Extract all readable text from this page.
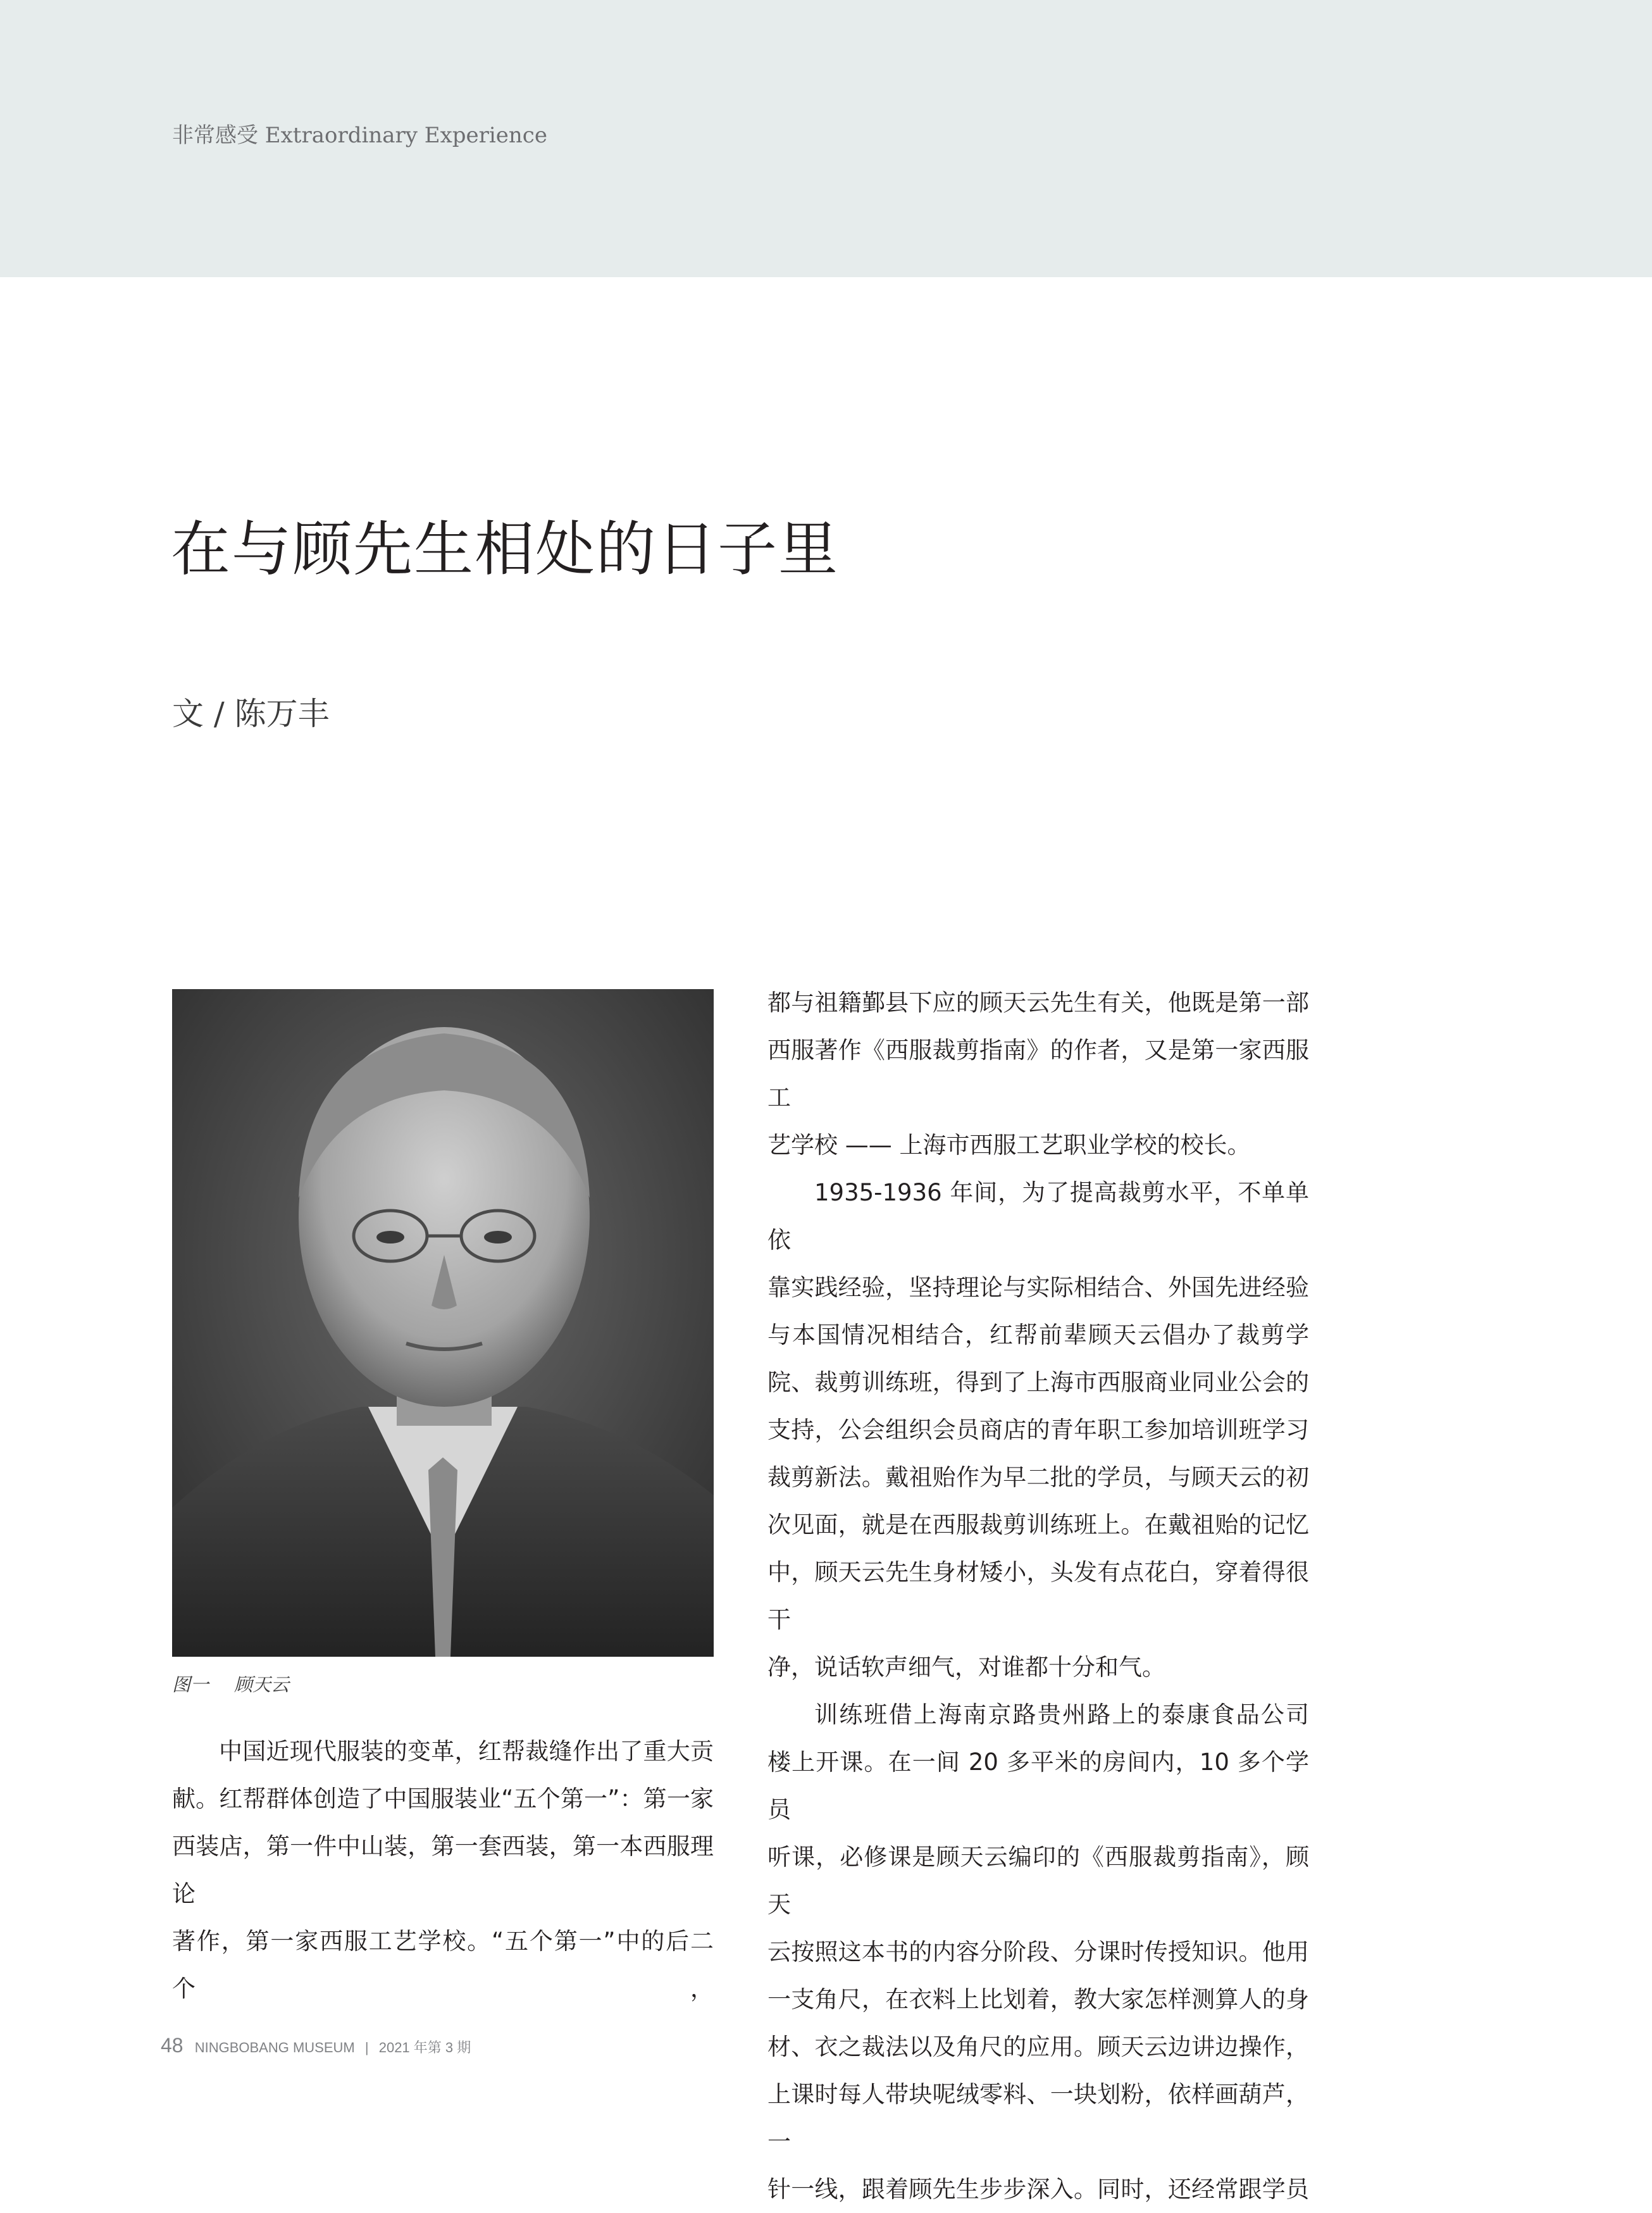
非常感受 Extraordinary Experience
在与顾先生相处的日子里
文 / 陈万丰
图一 顾天云

中国近现代服装的变革，红帮裁缝作出了重大贡

献。红帮群体创造了中国服装业“五个第一”：第一家

西装店，第一件中山装，第一套西装，第一本西服理论

著作，第一家西服工艺学校。“五个第一”中的后二个，

都与祖籍鄞县下应的顾天云先生有关，他既是第一部

西服著作《西服裁剪指南》的作者，又是第一家西服工

艺学校 —— 上海市西服工艺职业学校的校长。

1935-1936 年间，为了提高裁剪水平，不单单依

靠实践经验，坚持理论与实际相结合、外国先进经验

与本国情况相结合，红帮前辈顾天云倡办了裁剪学

院、裁剪训练班，得到了上海市西服商业同业公会的

支持，公会组织会员商店的青年职工参加培训班学习

裁剪新法。戴祖贻作为早二批的学员，与顾天云的初

次见面，就是在西服裁剪训练班上。在戴祖贻的记忆

中，顾天云先生身材矮小，头发有点花白，穿着得很干

净，说话软声细气，对谁都十分和气。

训练班借上海南京路贵州路上的泰康食品公司

楼上开课。在一间 20 多平米的房间内，10 多个学员

听课，必修课是顾天云编印的《西服裁剪指南》，顾天

云按照这本书的内容分阶段、分课时传授知识。他用

一支角尺，在衣料上比划着，教大家怎样测算人的身

材、衣之裁法以及角尺的应用。顾天云边讲边操作，

上课时每人带块呢绒零料、一块划粉，依样画葫芦，一

针一线，跟着顾先生步步深入。同时，还经常跟学员

48 NINGBOBANG MUSEUM | 2021 年第 3 期
